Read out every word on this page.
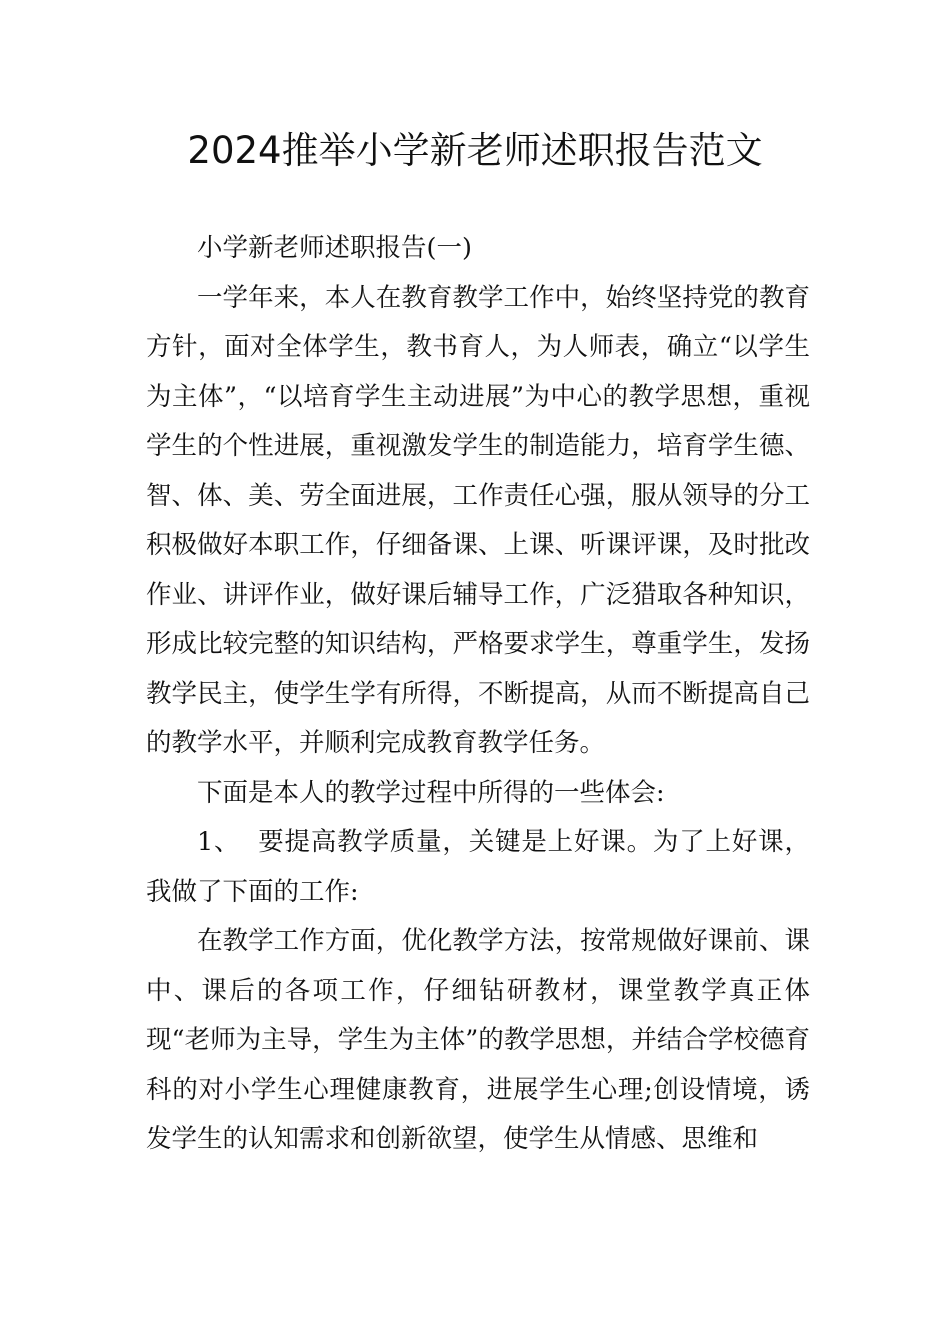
2024推举小学新老师述职报告范文

小学新老师述职报告(一)

一学年来，本人在教育教学工作中，始终坚持党的教育方针，面对全体学生，教书育人，为人师表，确立“以学生为主体”，“以培育学生主动进展”为中心的教学思想，重视学生的个性进展，重视激发学生的制造能力，培育学生德、智、体、美、劳全面进展，工作责任心强，服从领导的分工积极做好本职工作，仔细备课、上课、听课评课，及时批改作业、讲评作业，做好课后辅导工作，广泛猎取各种知识，形成比较完整的知识结构，严格要求学生，尊重学生，发扬教学民主，使学生学有所得，不断提高，从而不断提高自己的教学水平，并顺利完成教育教学任务。

下面是本人的教学过程中所得的一些体会:

1、  要提高教学质量，关键是上好课。为了上好课，我做了下面的工作:

在教学工作方面，优化教学方法，按常规做好课前、课中、课后的各项工作，仔细钻研教材，课堂教学真正体现“老师为主导，学生为主体”的教学思想，并结合学校德育科的对小学生心理健康教育，进展学生心理;创设情境，诱发学生的认知需求和创新欲望，使学生从情感、思维和
